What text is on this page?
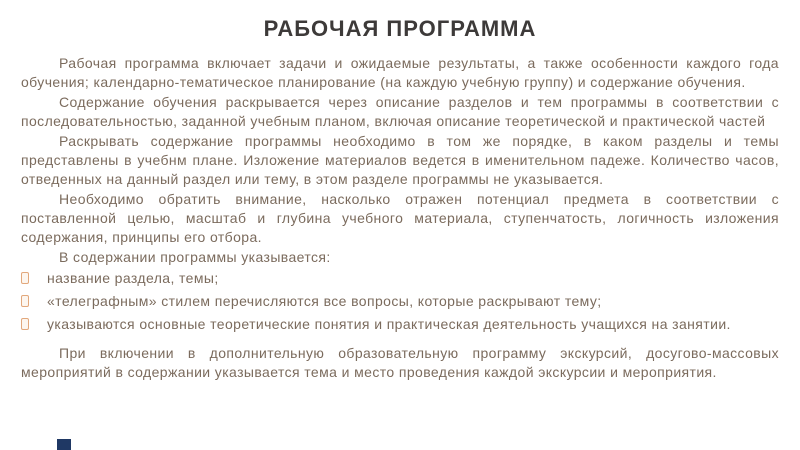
РАБОЧАЯ ПРОГРАММА

Рабочая программа включает задачи и ожидаемые результаты, а также особенности каждого года обучения; календарно-тематическое планирование (на каждую учебную группу) и содержание обучения.

Содержание обучения раскрывается через описание разделов и тем программы в соответствии с последовательностью, заданной учебным планом, включая описание теоретической и практической частей

Раскрывать содержание программы необходимо в том же порядке, в каком разделы и темы представлены в учебнм плане. Изложение материалов ведется в именительном падеже. Количество часов, отведенных на данный раздел или тему, в этом разделе программы не указывается.

Необходимо обратить внимание, насколько отражен потенциал предмета в соответствии с поставленной целью, масштаб и глубина учебного материала, ступенчатость, логичность изложения содержания, принципы его отбора.

В содержании программы указывается:

название раздела, темы;
«телеграфным» стилем перечисляются все вопросы, которые раскрывают тему;
указываются основные теоретические понятия и практическая деятельность учащихся на занятии.

При включении в дополнительную образовательную программу экскурсий, досугово-массовых мероприятий в содержании указывается тема и место проведения каждой экскурсии и мероприятия.
